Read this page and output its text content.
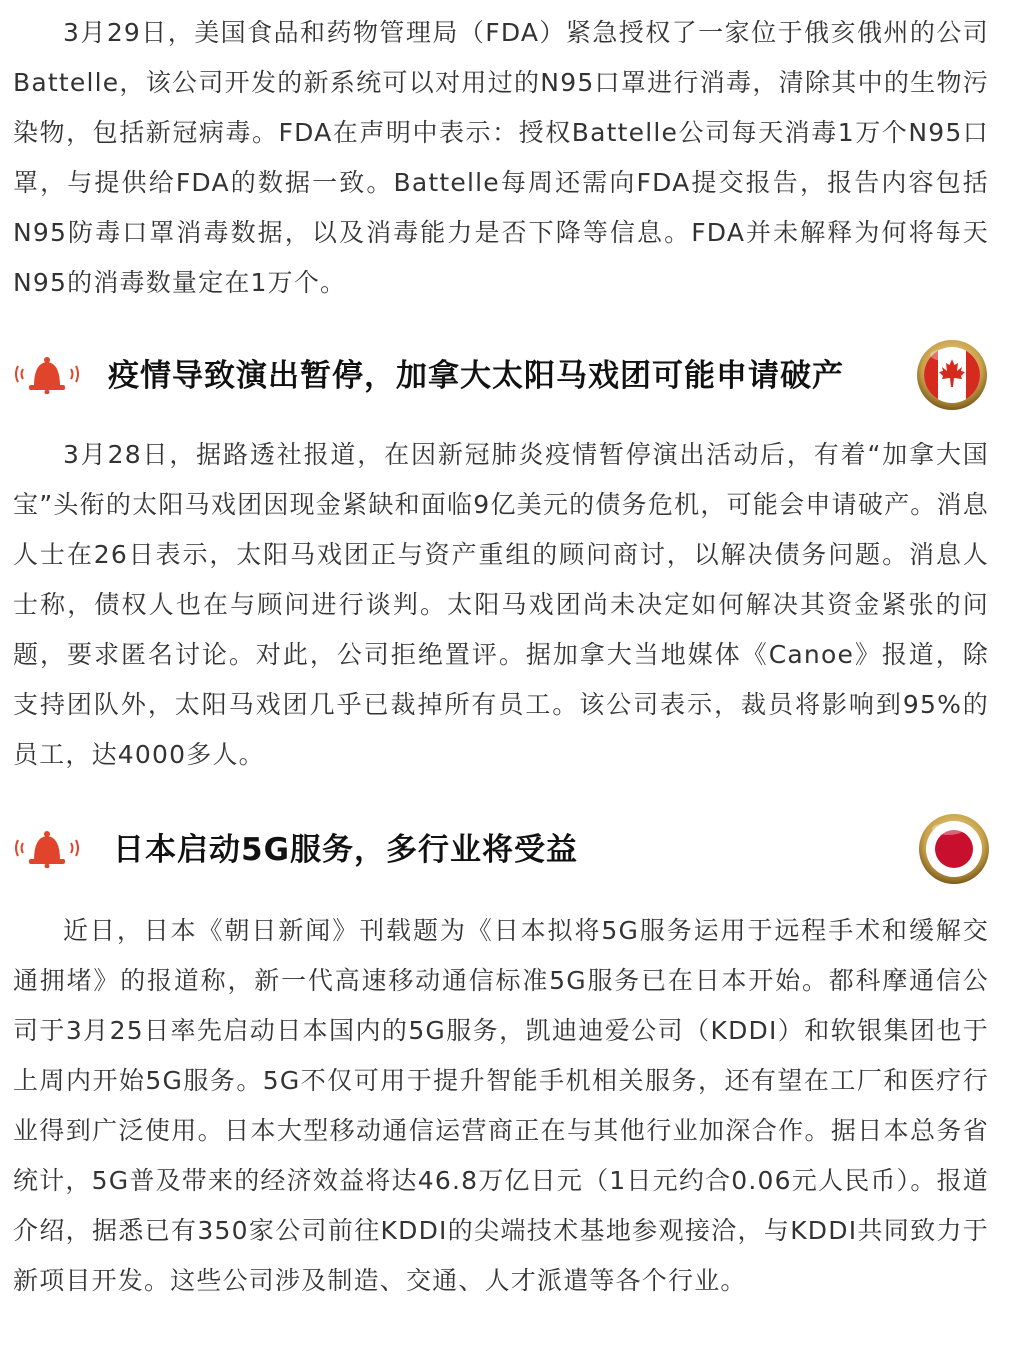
3月29日，美国食品和药物管理局（FDA）紧急授权了一家位于俄亥俄州的公司Battelle，该公司开发的新系统可以对用过的N95口罩进行消毒，清除其中的生物污染物，包括新冠病毒。FDA在声明中表示：授权Battelle公司每天消毒1万个N95口罩，与提供给FDA的数据一致。Battelle每周还需向FDA提交报告，报告内容包括N95防毒口罩消毒数据，以及消毒能力是否下降等信息。FDA并未解释为何将每天N95的消毒数量定在1万个。

疫情导致演出暂停，加拿大太阳马戏团可能申请破产

3月28日，据路透社报道，在因新冠肺炎疫情暂停演出活动后，有着“加拿大国宝”头衔的太阳马戏团因现金紧缺和面临9亿美元的债务危机，可能会申请破产。消息人士在26日表示，太阳马戏团正与资产重组的顾问商讨，以解决债务问题。消息人士称，债权人也在与顾问进行谈判。太阳马戏团尚未决定如何解决其资金紧张的问题，要求匿名讨论。对此，公司拒绝置评。据加拿大当地媒体《Canoe》报道，除支持团队外，太阳马戏团几乎已裁掉所有员工。该公司表示，裁员将影响到95%的员工，达4000多人。

日本启动5G服务，多行业将受益

近日，日本《朝日新闻》刊载题为《日本拟将5G服务运用于远程手术和缓解交通拥堵》的报道称，新一代高速移动通信标准5G服务已在日本开始。都科摩通信公司于3月25日率先启动日本国内的5G服务，凯迪迪爱公司（KDDI）和软银集团也于上周内开始5G服务。5G不仅可用于提升智能手机相关服务，还有望在工厂和医疗行业得到广泛使用。日本大型移动通信运营商正在与其他行业加深合作。据日本总务省统计，5G普及带来的经济效益将达46.8万亿日元（1日元约合0.06元人民币）。报道介绍，据悉已有350家公司前往KDDI的尖端技术基地参观接洽，与KDDI共同致力于新项目开发。这些公司涉及制造、交通、人才派遣等各个行业。
